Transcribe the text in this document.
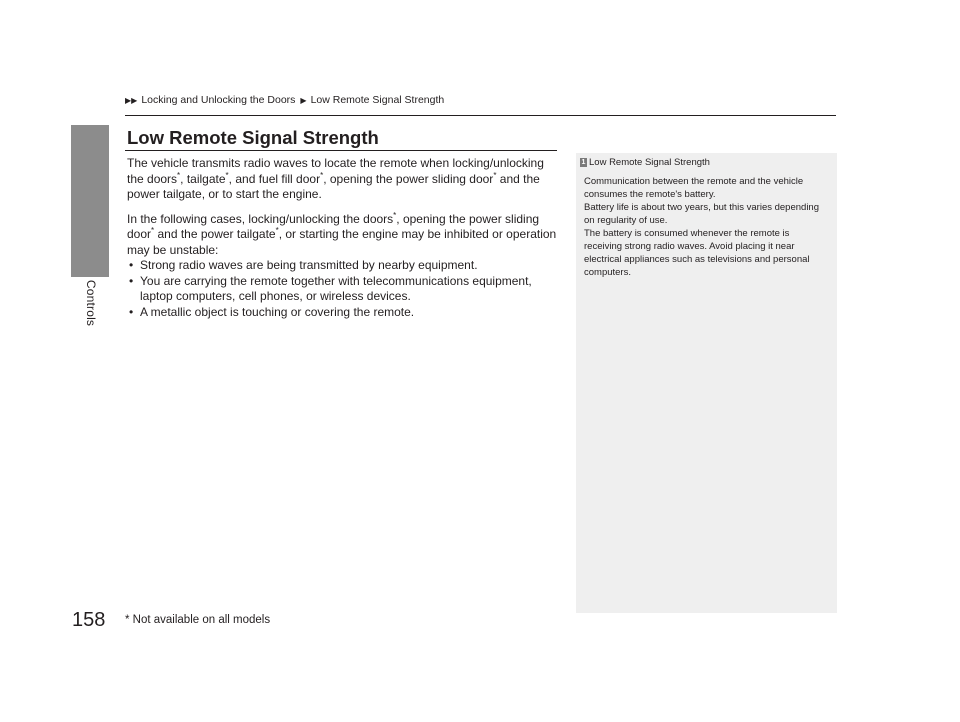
Controls
158
▶▶ Locking and Unlocking the Doors ▶ Low Remote Signal Strength
Low Remote Signal Strength

The vehicle transmits radio waves to locate the remote when locking/unlocking the doors*, tailgate*, and fuel fill door*, opening the power sliding door* and the power tailgate, or to start the engine.

In the following cases, locking/unlocking the doors*, opening the power sliding door* and the power tailgate*, or starting the engine may be inhibited or operation may be unstable:

• Strong radio waves are being transmitted by nearby equipment.
• You are carrying the remote together with telecommunications equipment, laptop computers, cell phones, or wireless devices.
• A metallic object is touching or covering the remote.
1 Low Remote Signal Strength
Communication between the remote and the vehicle consumes the remote's battery.
Battery life is about two years, but this varies depending on regularity of use.
The battery is consumed whenever the remote is receiving strong radio waves. Avoid placing it near electrical appliances such as televisions and personal computers.
* Not available on all models
